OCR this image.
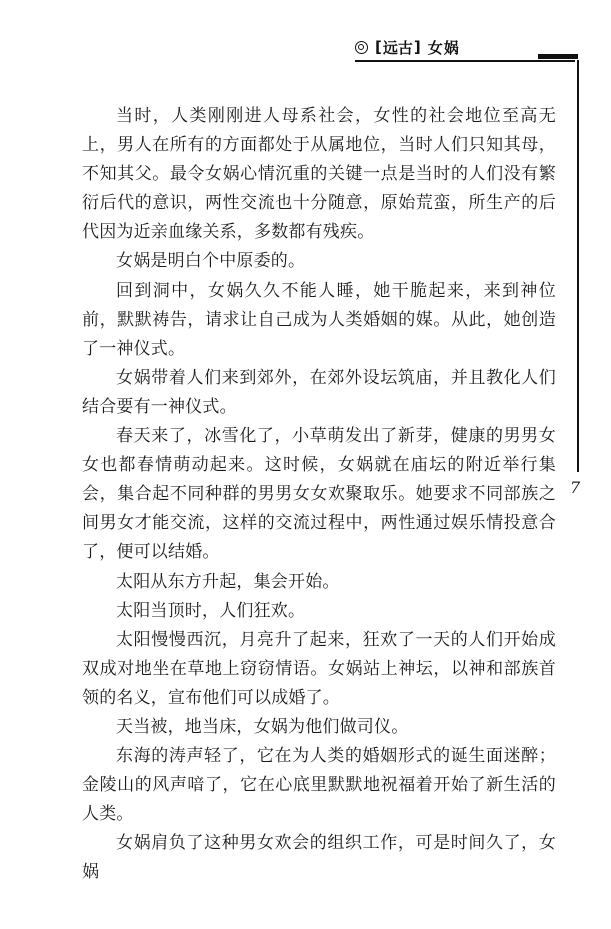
[ 远古 ] 女娲
7

当时，人类刚刚进人母系社会，女性的社会地位至高无上，男人在所有的方面都处于从属地位，当时人们只知其母，不知其父。最令女娲心情沉重的关键一点是当时的人们没有繁衍后代的意识，两性交流也十分随意，原始荒蛮，所生产的后代因为近亲血缘关系，多数都有残疾。

女娲是明白个中原委的。

回到洞中，女娲久久不能人睡，她干脆起来，来到神位前，默默祷告，请求让自己成为人类婚姻的媒。从此，她创造了一神仪式。

女娲带着人们来到郊外，在郊外设坛筑庙，并且教化人们结合要有一神仪式。

春天来了，冰雪化了，小草萌发出了新芽，健康的男男女女也都春情萌动起来。这时候，女娲就在庙坛的附近举行集会，集合起不同种群的男男女女欢聚取乐。她要求不同部族之间男女才能交流，这样的交流过程中，两性通过娱乐情投意合了，便可以结婚。

太阳从东方升起，集会开始。

太阳当顶时，人们狂欢。

太阳慢慢西沉，月亮升了起来，狂欢了一天的人们开始成双成对地坐在草地上窃窃情语。女娲站上神坛，以神和部族首领的名义，宣布他们可以成婚了。

天当被，地当床，女娲为他们做司仪。

东海的涛声轻了，它在为人类的婚姻形式的诞生面迷醉；金陵山的风声喑了，它在心底里默默地祝福着开始了新生活的人类。

女娲肩负了这种男女欢会的组织工作，可是时间久了，女娲
